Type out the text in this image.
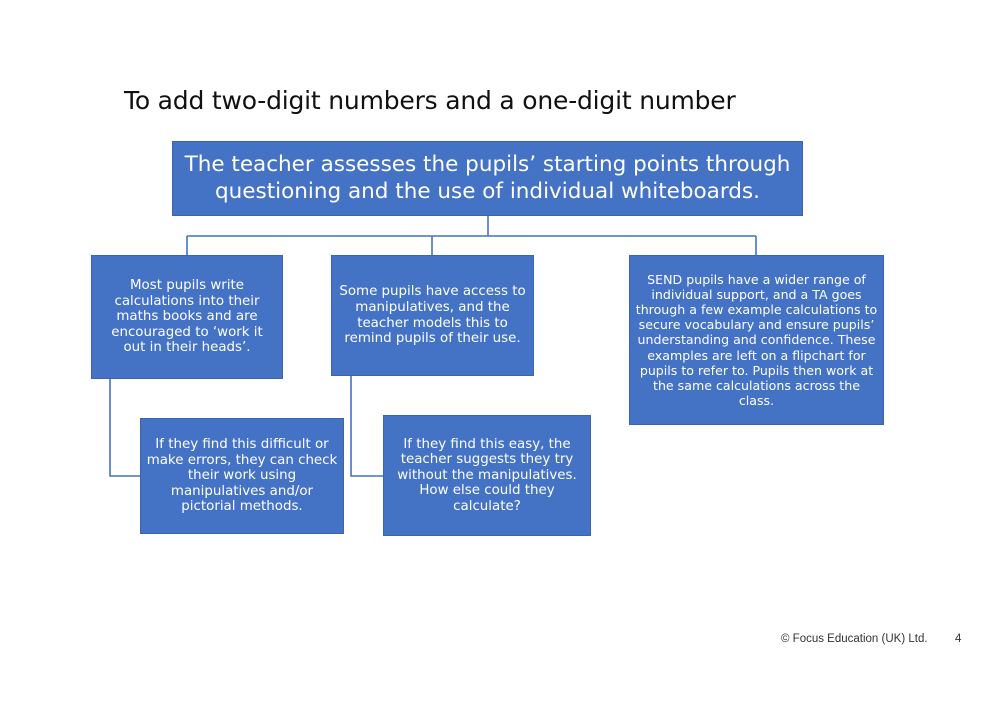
To add two-digit numbers and a one-digit number
The teacher assesses the pupils’ starting points through questioning and the use of individual whiteboards.
Most pupils write calculations into their maths books and are encouraged to ‘work it out in their heads’.
Some pupils have access to manipulatives, and the teacher models this to remind pupils of their use.
SEND pupils have a wider range of individual support, and a TA goes through a few example calculations to secure vocabulary and ensure pupils’ understanding and confidence. These examples are left on a flipchart for pupils to refer to. Pupils then work at the same calculations across the class.
If they find this difficult or make errors, they can check their work using manipulatives and/or pictorial methods.
If they find this easy, the teacher suggests they try without the manipulatives. How else could they calculate?
© Focus Education (UK) Ltd. 4
